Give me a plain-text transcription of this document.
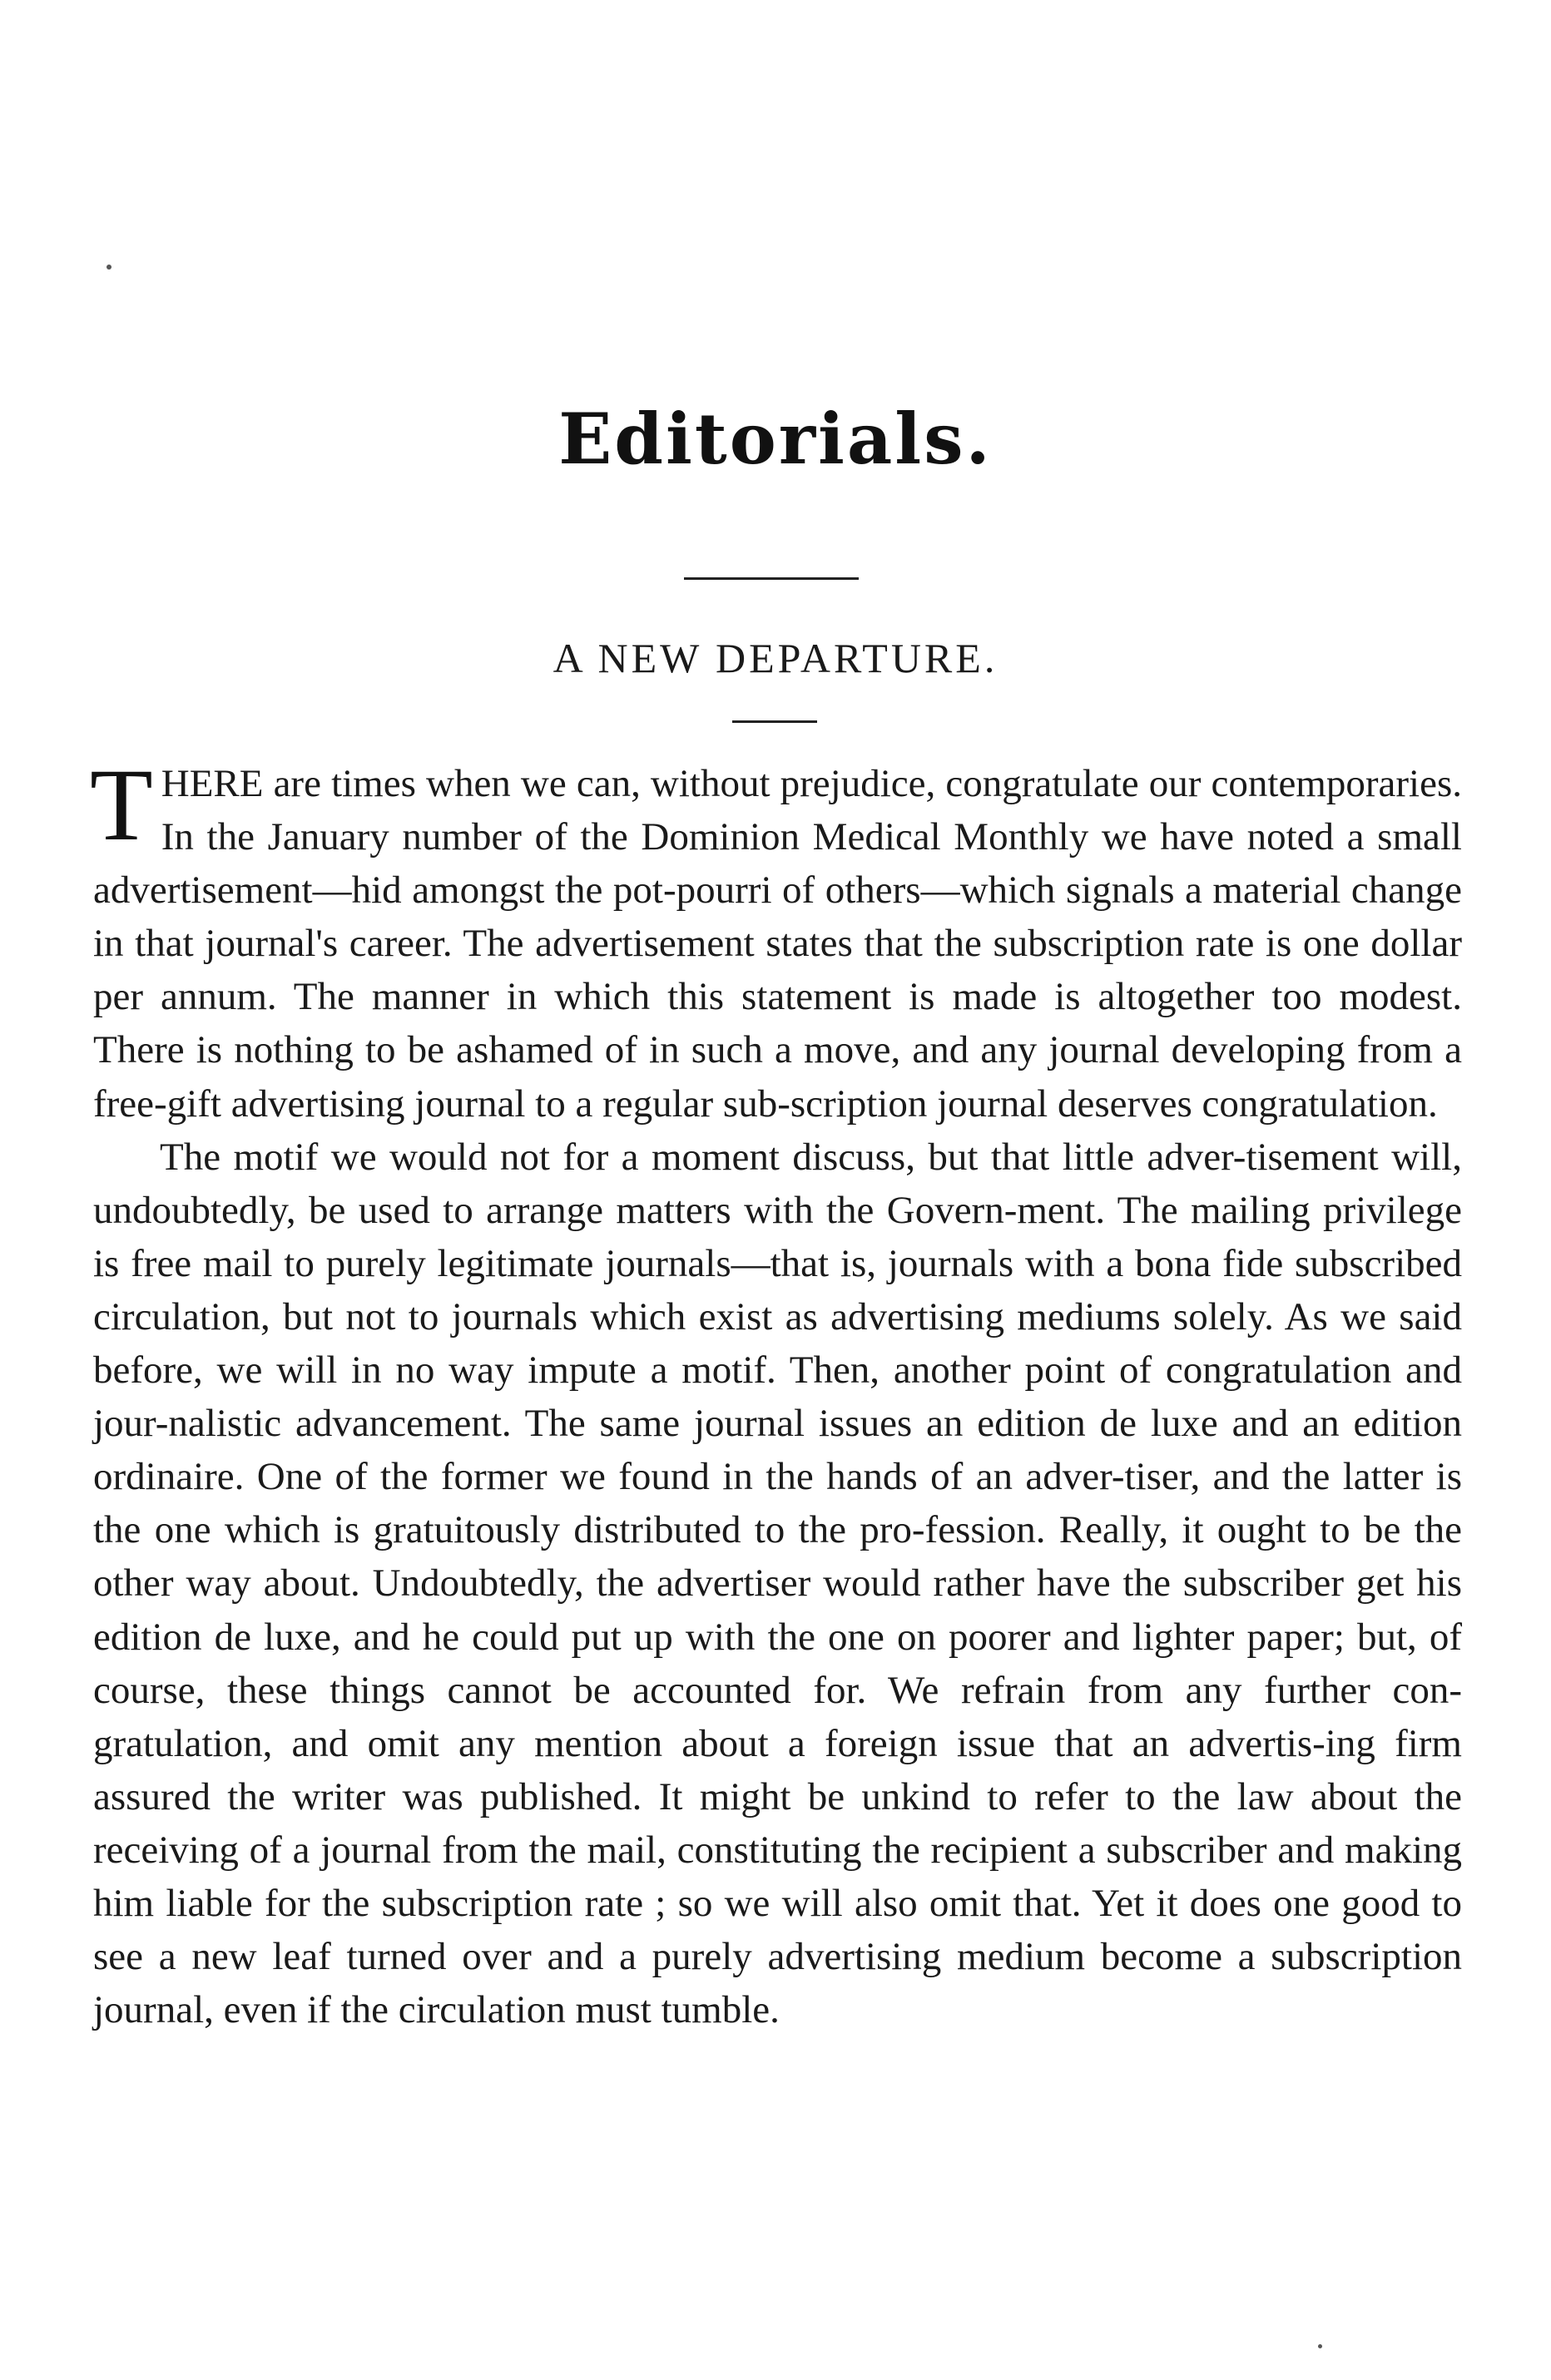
Editorials.
A NEW DEPARTURE.

THERE are times when we can, without prejudice, congratulate our contemporaries. In the January number of the Dominion Medical Monthly we have noted a small advertisement—hid amongst the pot-pourri of others—which signals a material change in that journal's career. The advertisement states that the subscription rate is one dollar per annum. The manner in which this statement is made is altogether too modest. There is nothing to be ashamed of in such a move, and any journal developing from a free-gift advertising journal to a regular sub-scription journal deserves congratulation.

The motif we would not for a moment discuss, but that little adver-tisement will, undoubtedly, be used to arrange matters with the Govern-ment. The mailing privilege is free mail to purely legitimate journals—that is, journals with a bona fide subscribed circulation, but not to journals which exist as advertising mediums solely. As we said before, we will in no way impute a motif. Then, another point of congratulation and jour-nalistic advancement. The same journal issues an edition de luxe and an edition ordinaire. One of the former we found in the hands of an adver-tiser, and the latter is the one which is gratuitously distributed to the pro-fession. Really, it ought to be the other way about. Undoubtedly, the advertiser would rather have the subscriber get his edition de luxe, and he could put up with the one on poorer and lighter paper; but, of course, these things cannot be accounted for. We refrain from any further con-gratulation, and omit any mention about a foreign issue that an advertis-ing firm assured the writer was published. It might be unkind to refer to the law about the receiving of a journal from the mail, constituting the recipient a subscriber and making him liable for the subscription rate ; so we will also omit that. Yet it does one good to see a new leaf turned over and a purely advertising medium become a subscription journal, even if the circulation must tumble.
